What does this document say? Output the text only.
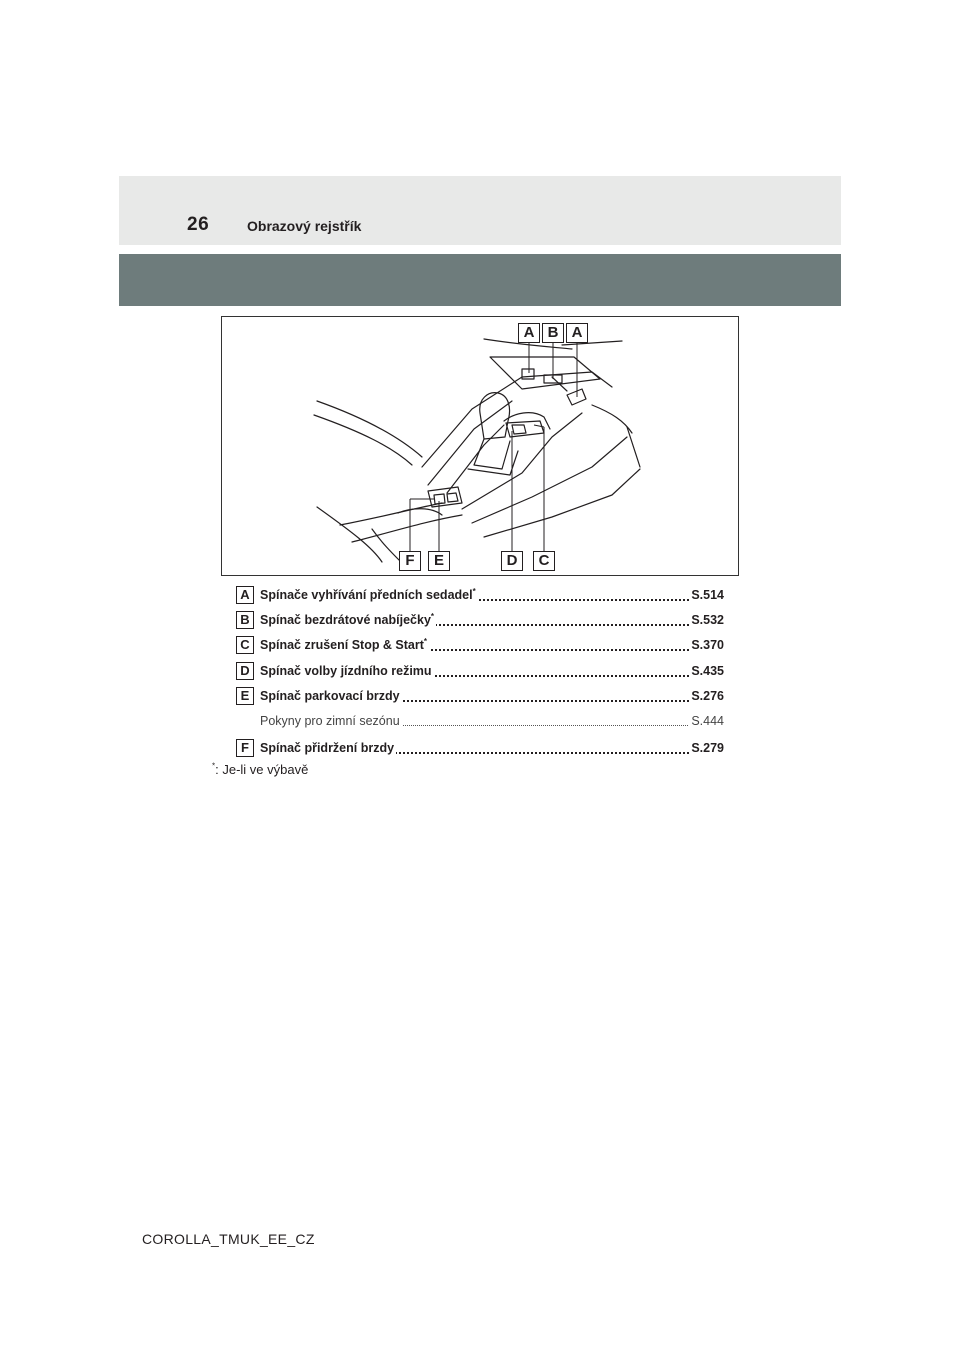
26	Obrazový rejstřík
A B A
F	E	D	C
A Spínače vyhřívání předních sedadel*	S.514
B Spínač bezdrátové nabíječky*	S.532
C Spínač zrušení Stop & Start*	S.370
D Spínač volby jízdního režimu	S.435
E Spínač parkovací brzdy	S.276
Pokyny pro zimní sezónu	S.444
F Spínač přidržení brzdy	S.279
*: Je-li ve výbavě
COROLLA_TMUK_EE_CZ
